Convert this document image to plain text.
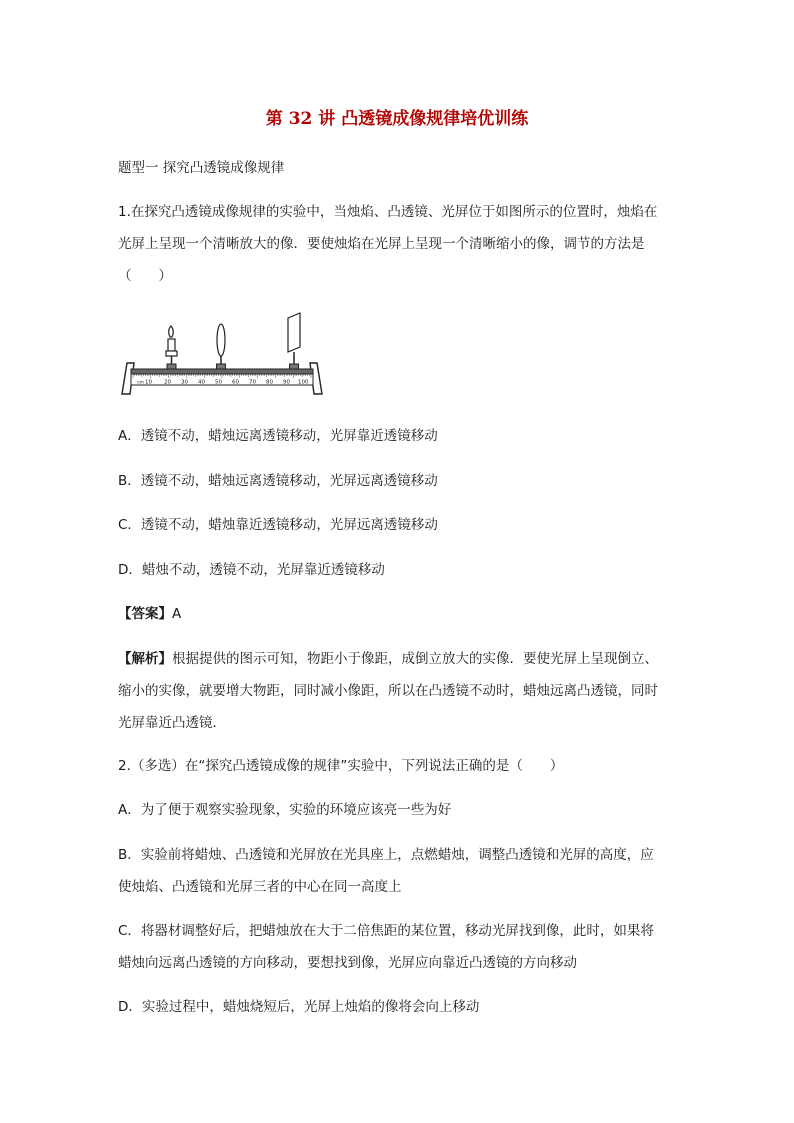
第 32 讲 凸透镜成像规律培优训练
题型一 探究凸透镜成像规律
1.在探究凸透镜成像规律的实验中，当烛焰、凸透镜、光屏位于如图所示的位置时，烛焰在
光屏上呈现一个清晰放大的像．要使烛焰在光屏上呈现一个清晰缩小的像，调节的方法是
（　　）
cm 10 20 30 40 50 60 70 80 90 100
A．透镜不动，蜡烛远离透镜移动，光屏靠近透镜移动
B．透镜不动，蜡烛远离透镜移动，光屏远离透镜移动
C．透镜不动，蜡烛靠近透镜移动，光屏远离透镜移动
D．蜡烛不动，透镜不动，光屏靠近透镜移动
【答案】A
【解析】根据提供的图示可知，物距小于像距，成倒立放大的实像．要使光屏上呈现倒立、
缩小的实像，就要增大物距，同时减小像距，所以在凸透镜不动时，蜡烛远离凸透镜，同时
光屏靠近凸透镜．
2.（多选）在“探究凸透镜成像的规律”实验中，下列说法正确的是（　　）
A．为了便于观察实验现象，实验的环境应该亮一些为好
B．实验前将蜡烛、凸透镜和光屏放在光具座上，点燃蜡烛，调整凸透镜和光屏的高度，应
使烛焰、凸透镜和光屏三者的中心在同一高度上
C．将器材调整好后，把蜡烛放在大于二倍焦距的某位置，移动光屏找到像，此时，如果将
蜡烛向远离凸透镜的方向移动，要想找到像，光屏应向靠近凸透镜的方向移动
D．实验过程中，蜡烛烧短后，光屏上烛焰的像将会向上移动
